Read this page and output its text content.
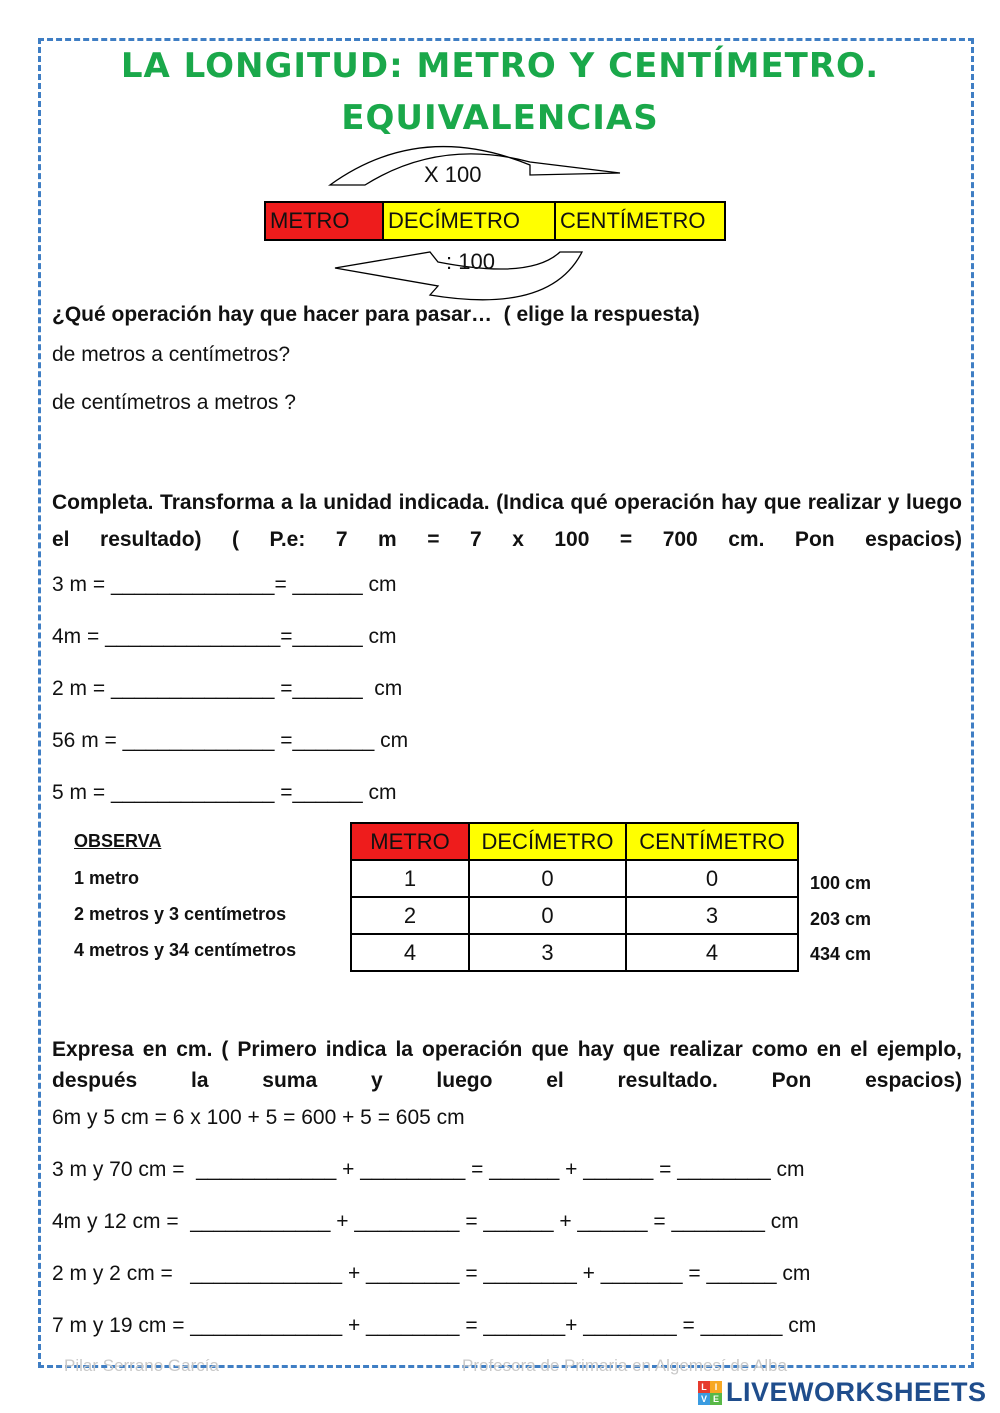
LA LONGITUD: METRO Y CENTÍMETRO.
EQUIVALENCIAS
X 100
: 100
METRO	DECÍMETRO	CENTÍMETRO
¿Qué operación hay que hacer para pasar…  ( elige la respuesta)
de metros a centímetros?
de centímetros a metros ?
Completa. Transforma a la unidad indicada. (Indica qué operación hay que realizar y luego el resultado) ( P.e: 7 m = 7 x 100 = 700 cm. Pon espacios)
3 m = ______________= ______ cm
4m = _______________=______ cm
2 m = ______________ =______  cm
56 m = _____________ =_______ cm
5 m = ______________ =______ cm
OBSERVA
1 metro
2 metros y 3 centímetros
4 metros y 34 centímetros
METRO	DECÍMETRO	CENTÍMETRO
1	0	0
2	0	3
4	3	4
100 cm
203 cm
434 cm
Expresa en cm. ( Primero indica la operación que hay que realizar como en el ejemplo, después la suma y luego el resultado. Pon espacios)
6m y 5 cm = 6 x 100 + 5 = 600 + 5 = 605 cm
3 m y 70 cm =  ____________ + _________ = ______ + ______ = ________ cm
4m y 12 cm =  ____________ + _________ = ______ + ______ = ________ cm
2 m y 2 cm =   _____________ + ________ = ________ + _______ = ______ cm
7 m y 19 cm = _____________ + ________ = _______+ ________ = _______ cm
Pilar Serrano García	Profesora de Primaria en Algemesí de Alba
L I
V E LIVEWORKSHEETS
